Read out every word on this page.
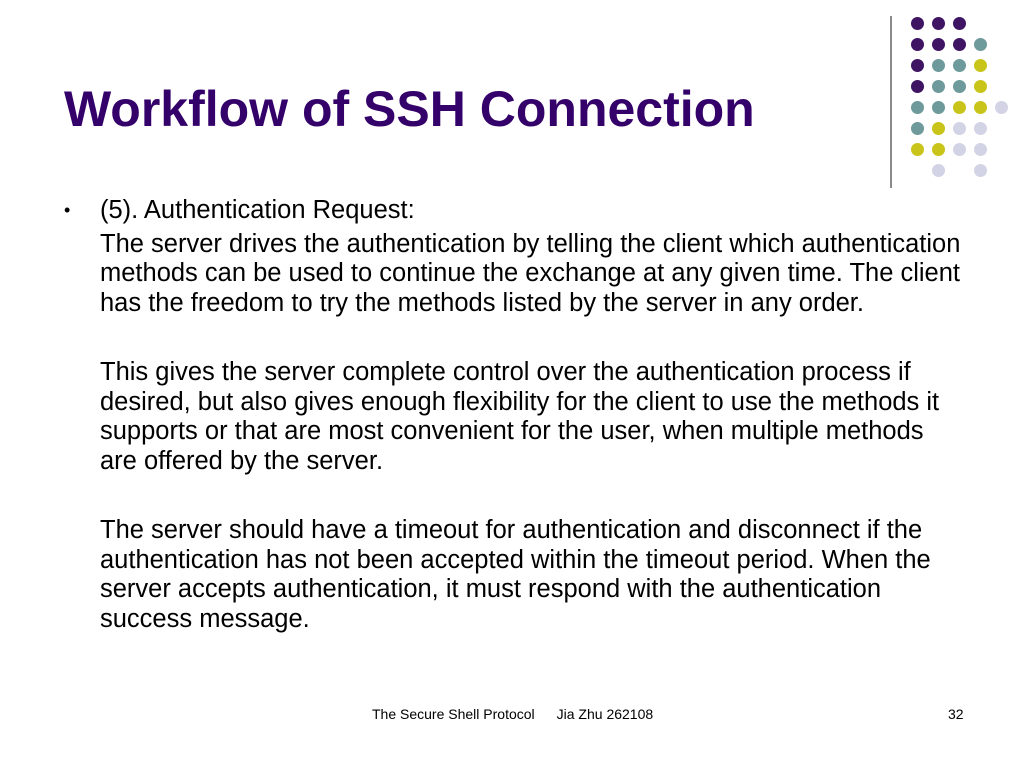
Workflow of SSH Connection
• (5). Authentication Request:

The server drives the authentication by telling the client which authentication methods can be used to continue the exchange at any given time. The client has the freedom to try the methods listed by the server in any order.

This gives the server complete control over the authentication process if desired, but also gives enough flexibility for the client to use the methods it supports or that are most convenient for the user, when multiple methods are offered by the server.

The server should have a timeout for authentication and disconnect if the authentication has not been accepted within the timeout period. When the server accepts authentication, it must respond with the authentication success message.

The Secure Shell Protocol Jia Zhu 262108	32
